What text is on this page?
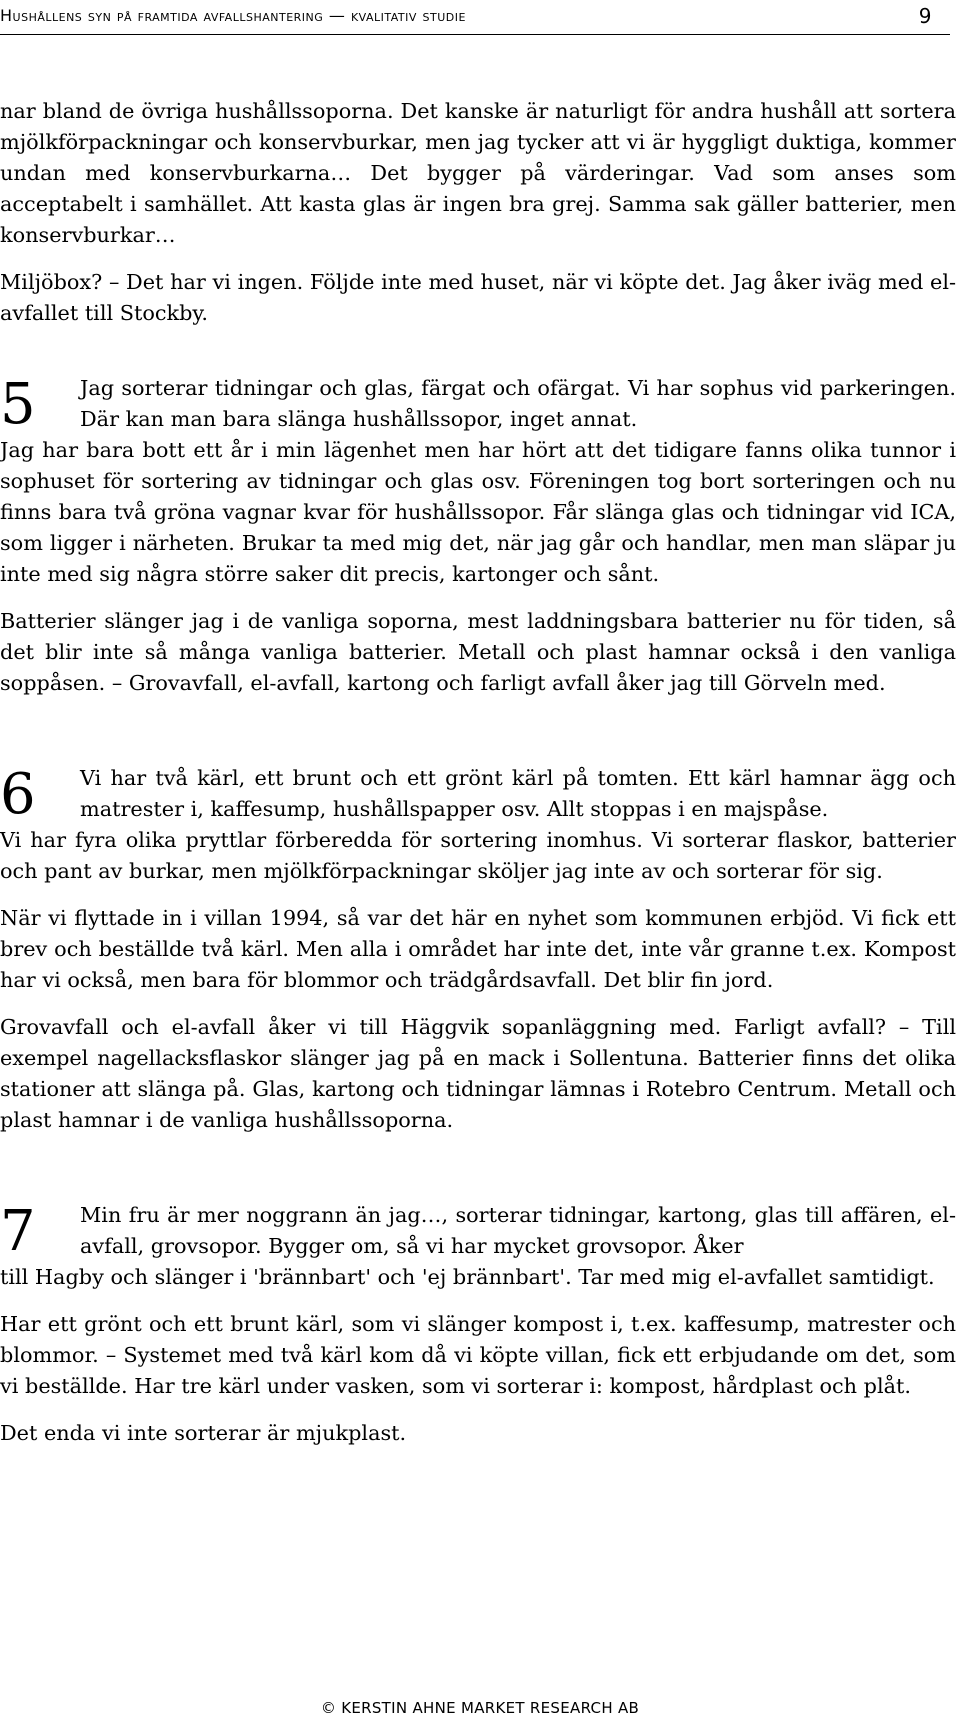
Hushållens syn på framtida avfallshantering — kvalitativ studie	9

nar bland de övriga hushållssoporna. Det kanske är naturligt för andra hushåll att sortera mjölkförpackningar och konservburkar, men jag tycker att vi är hyggligt duktiga, kommer undan med konservburkarna… Det bygger på värderingar. Vad som anses som acceptabelt i samhället. Att kasta glas är ingen bra grej. Samma sak gäller batterier, men konservburkar…

Miljöbox? – Det har vi ingen. Följde inte med huset, när vi köpte det. Jag åker iväg med el-avfallet till Stockby.

5	Jag sorterar tidningar och glas, färgat och ofärgat. Vi har sophus vid parkeringen. Där kan man bara slänga hushållssopor, inget annat.

Jag har bara bott ett år i min lägenhet men har hört att det tidigare fanns olika tunnor i sophuset för sortering av tidningar och glas osv. Föreningen tog bort sorteringen och nu finns bara två gröna vagnar kvar för hushållssopor. Får slänga glas och tidningar vid ICA, som ligger i närheten. Brukar ta med mig det, när jag går och handlar, men man släpar ju inte med sig några större saker dit precis, kartonger och sånt.

Batterier slänger jag i de vanliga soporna, mest laddningsbara batterier nu för tiden, så det blir inte så många vanliga batterier. Metall och plast hamnar också i den vanliga soppåsen. – Grovavfall, el-avfall, kartong och farligt avfall åker jag till Görveln med.

6	Vi har två kärl, ett brunt och ett grönt kärl på tomten. Ett kärl hamnar ägg och matrester i, kaffesump, hushållspapper osv. Allt stoppas i en majspåse.

Vi har fyra olika pryttlar förberedda för sortering inomhus. Vi sorterar flaskor, batterier och pant av burkar, men mjölkförpackningar sköljer jag inte av och sorterar för sig.

När vi flyttade in i villan 1994, så var det här en nyhet som kommunen erbjöd. Vi fick ett brev och beställde två kärl. Men alla i området har inte det, inte vår granne t.ex. Kompost har vi också, men bara för blommor och trädgårdsavfall. Det blir fin jord.

Grovavfall och el-avfall åker vi till Häggvik sopanläggning med. Farligt avfall? – Till exempel nagellacksflaskor slänger jag på en mack i Sollentuna. Batterier finns det olika stationer att slänga på. Glas, kartong och tidningar lämnas i Rotebro Centrum. Metall och plast hamnar i de vanliga hushållssoporna.

7	Min fru är mer noggrann än jag…, sorterar tidningar, kartong, glas till affären, el-avfall, grovsopor. Bygger om, så vi har mycket grovsopor. Åker

till Hagby och slänger i 'brännbart' och 'ej brännbart'. Tar med mig el-avfallet samtidigt.

Har ett grönt och ett brunt kärl, som vi slänger kompost i, t.ex. kaffesump, matrester och blommor. – Systemet med två kärl kom då vi köpte villan, fick ett erbjudande om det, som vi beställde. Har tre kärl under vasken, som vi sorterar i: kompost, hårdplast och plåt.

Det enda vi inte sorterar är mjukplast.

© KERSTIN AHNE MARKET RESEARCH AB
